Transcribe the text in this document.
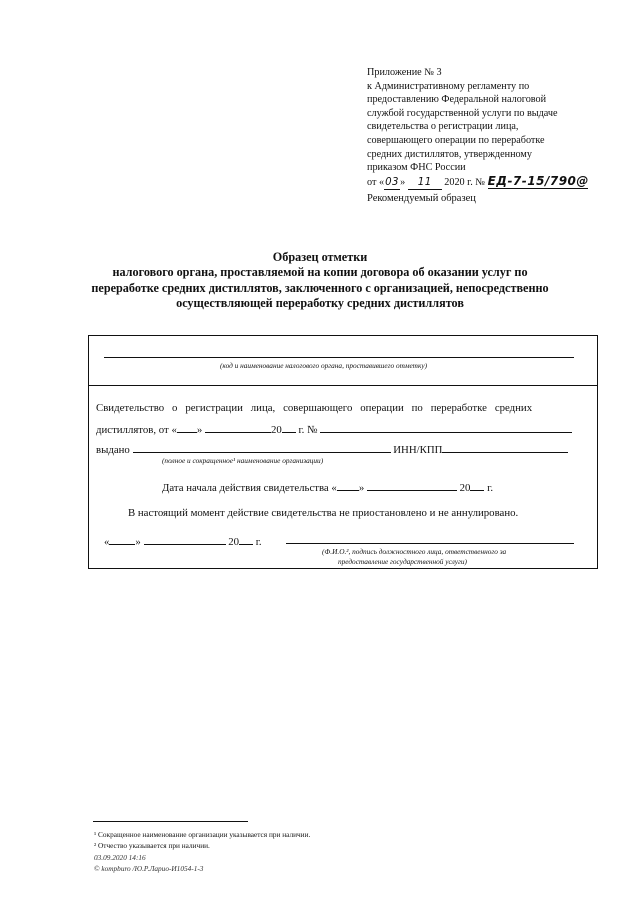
Приложение № 3
к Административному регламенту по
предоставлению Федеральной налоговой
службой государственной услуги по выдаче
свидетельства о регистрации лица,
совершающего операции по переработке
средних дистиллятов, утвержденному
приказом ФНС России
от «03» 11 2020 г. № ЕД-7-15/790@
Рекомендуемый образец
Образец отметки
налогового органа, проставляемой на копии договора об оказании услуг по
переработке средних дистиллятов, заключенного с организацией, непосредственно
осуществляющей переработку средних дистиллятов
(код и наименование налогового органа, проставившего отметку)
Свидетельство о регистрации лица, совершающего операции по переработке средних
дистиллятов, от « »	20 г. №
выдано	ИНН/КПП
(полное и сокращенное¹ наименование организации)
Дата начала действия свидетельства « »	20 г.
В настоящий момент действие свидетельства не приостановлено и не аннулировано.
« »	20 г.
(Ф.И.О.², подпись должностного лица, ответственного за
предоставление государственной услуги)
¹ Сокращенное наименование организации указывается при наличии.
² Отчество указывается при наличии.
03.09.2020 14:16
© kompburo /Ю.Р.Лаpио-И1054-1-3
